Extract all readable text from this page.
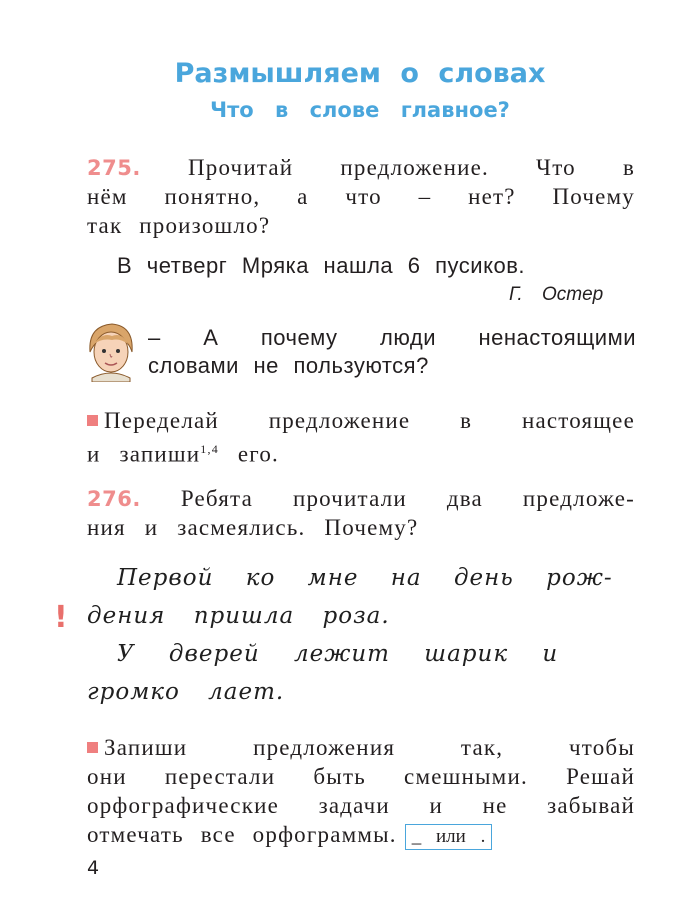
Размышляем о словах
Что в слове главное?
275. Прочитай предложение. Что в
нём понятно, а что – нет? Почему
так произошло?
В четверг Мряка нашла 6 пусиков.
Г. Остер
– А почему люди ненастоящими
словами не пользуются?
Переделай предложение в настоящее
и запиши$^{1,4}$ его.
276. Ребята прочитали два предложе-
ния и засмеялись. Почему?
Первой ко мне на день рож-
! дения пришла роза.
У дверей лежит шарик и
громко лает.
Запиши предложения так, чтобы
они перестали быть смешными. Решай
орфографические задачи и не забывай
отмечать все орфограммы. _ или .
4
